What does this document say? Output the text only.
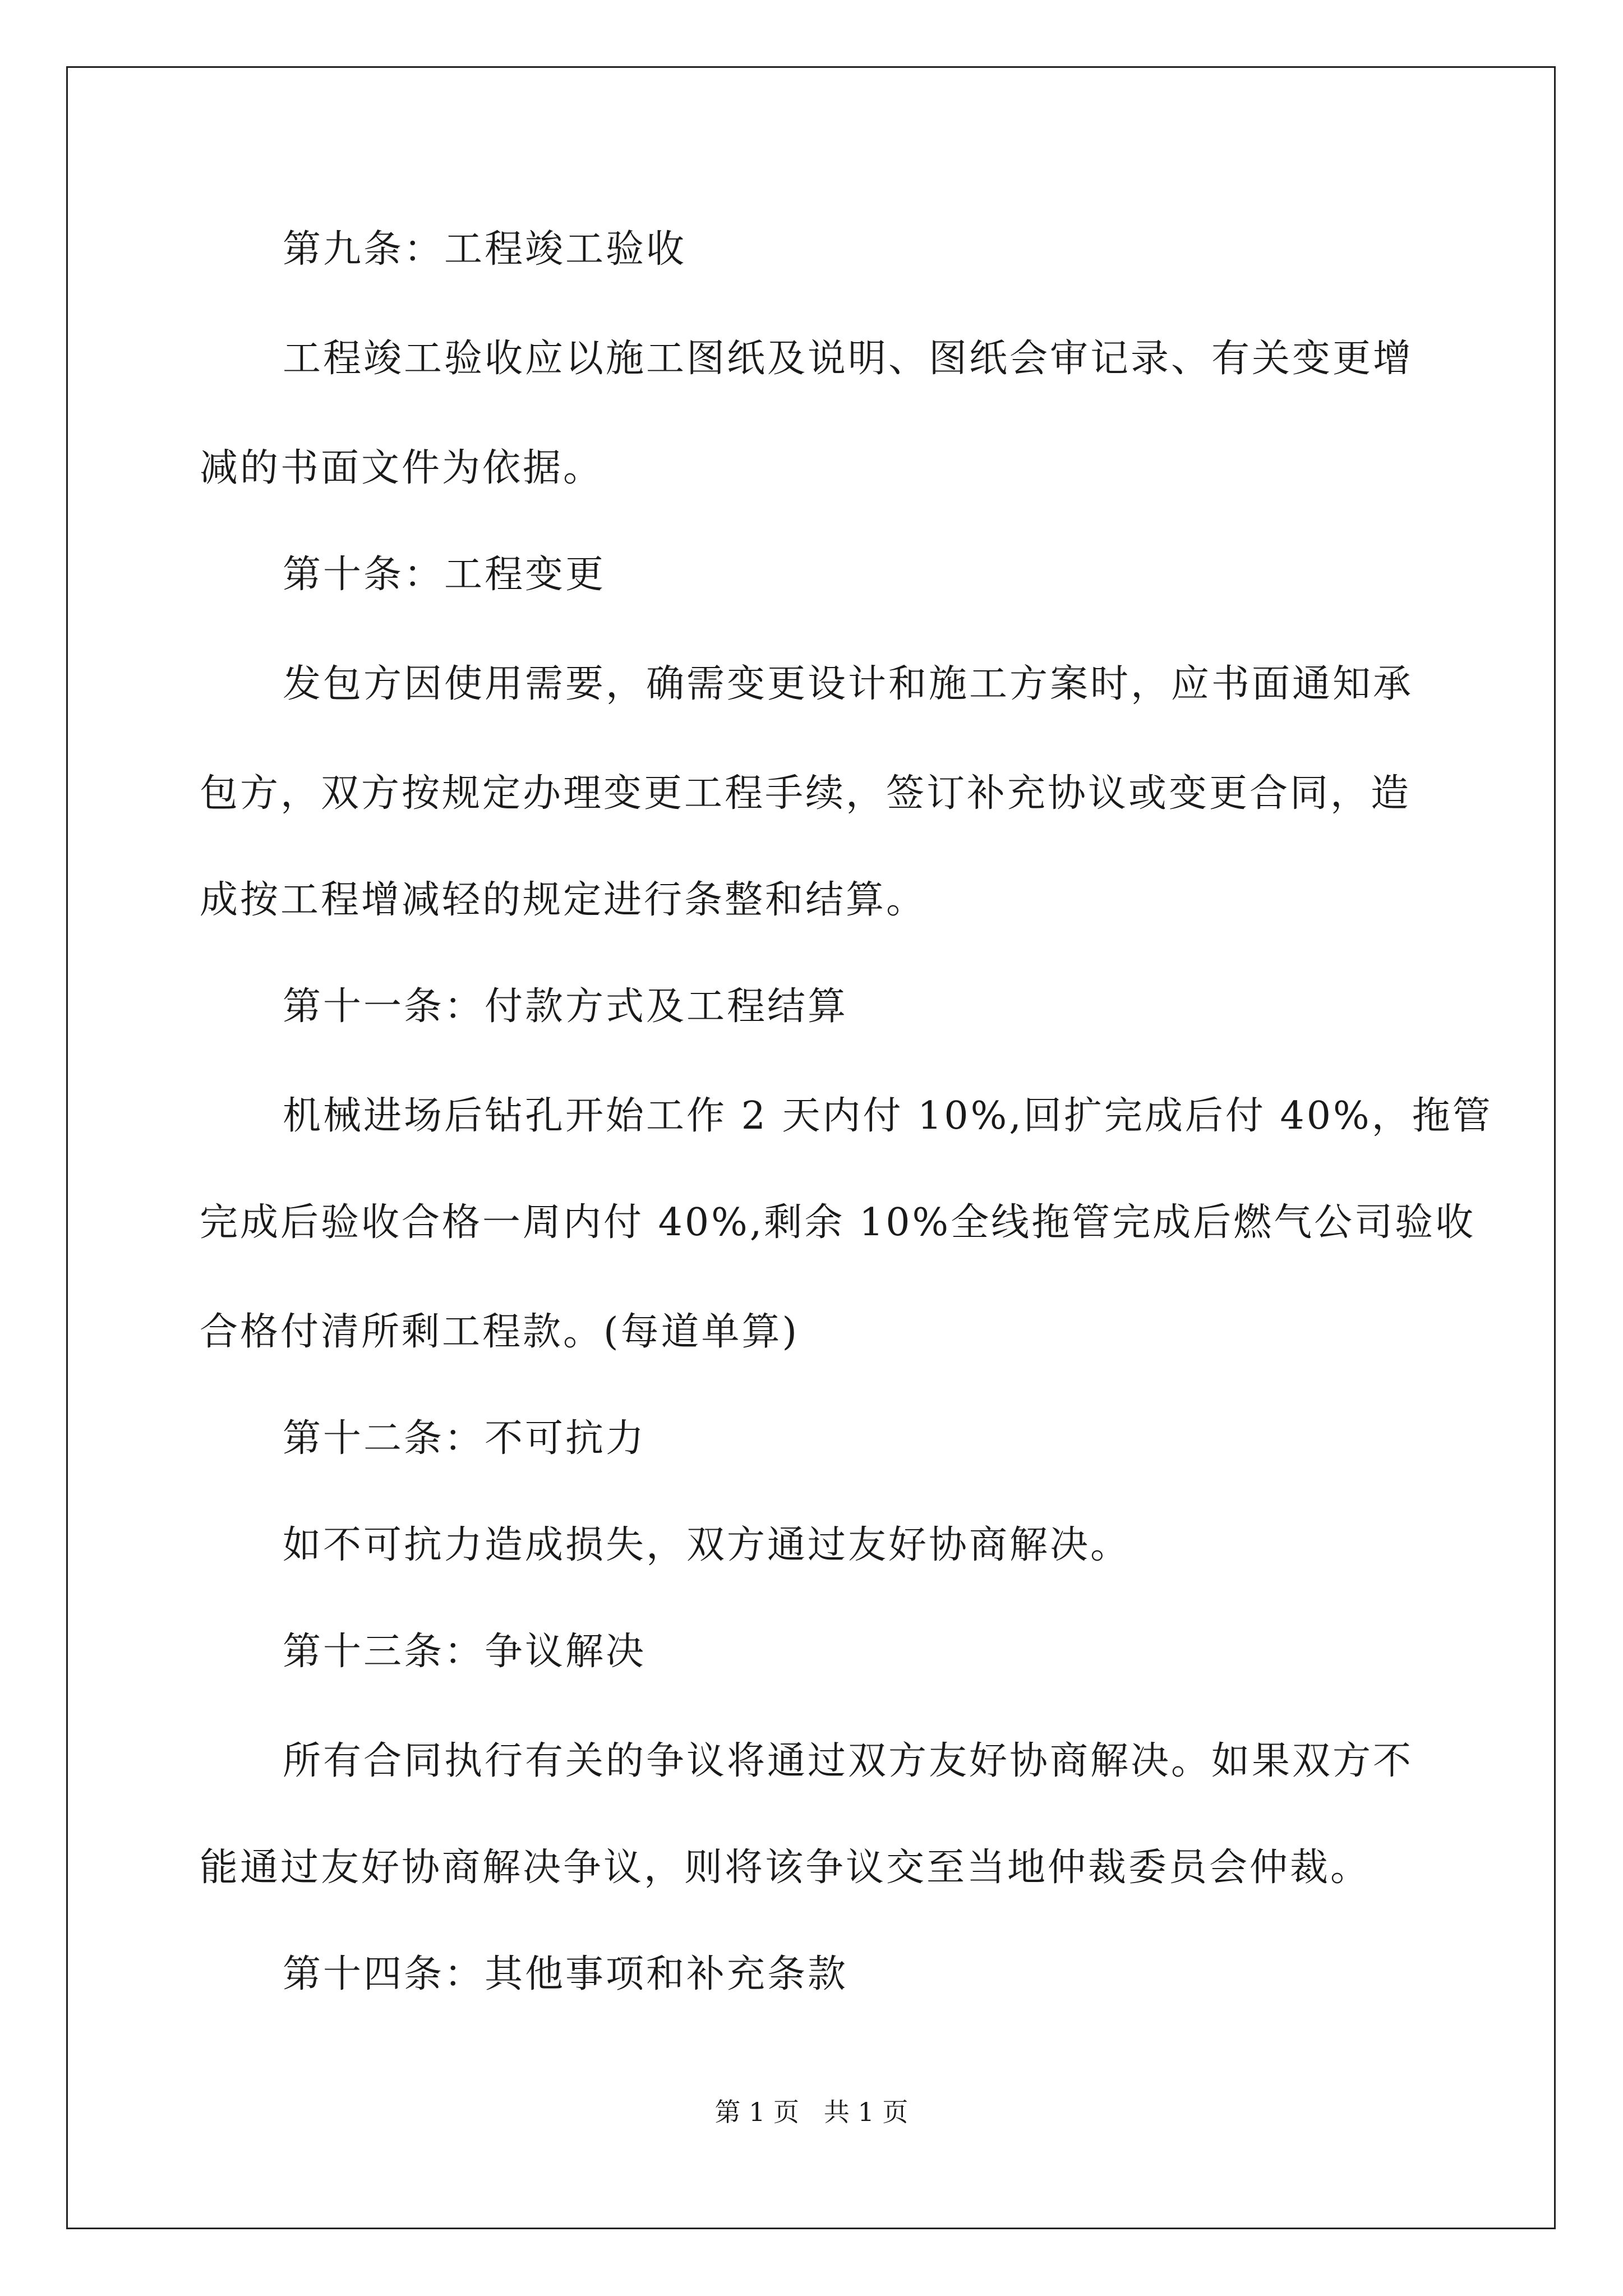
第九条：工程竣工验收
工程竣工验收应以施工图纸及说明、图纸会审记录、有关变更增
减的书面文件为依据。
第十条：工程变更
发包方因使用需要，确需变更设计和施工方案时，应书面通知承
包方，双方按规定办理变更工程手续，签订补充协议或变更合同，造
成按工程增减轻的规定进行条整和结算。
第十一条：付款方式及工程结算
机械进场后钻孔开始工作 2 天内付 10%,回扩完成后付 40%，拖管
完成后验收合格一周内付 40%,剩余 10%全线拖管完成后燃气公司验收
合格付清所剩工程款。(每道单算)
第十二条：不可抗力
如不可抗力造成损失，双方通过友好协商解决。
第十三条：争议解决
所有合同执行有关的争议将通过双方友好协商解决。如果双方不
能通过友好协商解决争议，则将该争议交至当地仲裁委员会仲裁。
第十四条：其他事项和补充条款
第 1 页   共 1 页
